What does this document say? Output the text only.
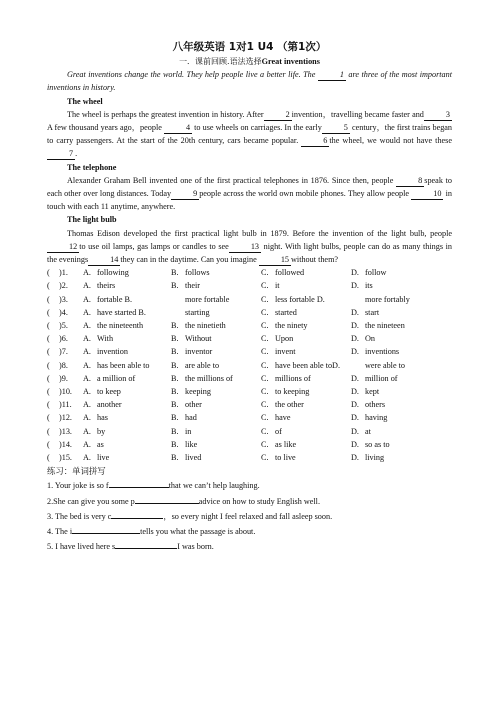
八年级英语 1对1 U4 （第1次）
一．课前回顾.语法选择Great inventions

Great inventions change the world. They help people live a better life. The	1 are three of the most important inventions in history.

The wheel

The wheel is perhaps the greatest invention in history. After	2 invention，travelling became faster and	3A few thousand years ago，people	4 to use wheels on carriages. In the early	5 century，the first trains began to carry passengers. At the start of the 20th century, cars became popular.	6 the wheel, we would not have these7 .

The telephone

Alexander Graham Bell invented one of the first practical telephones in 1876. Since then, people	8 speak to each other over long distances. Today	9 people across the world own mobile phones. They allow people	10 in touch with each 11 anytime, anywhere.

The light bulb

Thomas Edison developed the first practical light bulb in 1879. Before the invention of the light bulb, people12 to use oil lamps, gas lamps or candles to see	13 night. With light bulbs, people can do as many things in the evenings	14 they can in the daytime. Can you imagine	15 without them?

(	)1.	A.	following	B.	follows	C.	followed	D.	follow
(	)2.	A.	theirs	B.	their	C.	it	D.	its
(	)3.	A.	fortable B.		more fortable	C.	less fortable D.		more fortably
(	)4.	A.	have started B.		starting	C.	started	D.	start
(	)5.	A.	the nineteenth	B.	the ninetieth	C.	the ninety	D.	the nineteen
(	)6.	A.	With	B.	Without	C.	Upon	D.	On
(	)7.	A.	invention	B.	inventor	C.	invent	D.	inventions
(	)8.	A.	has been able to	B.	are able to	C.	have been able toD.		were able to
(	)9.	A.	a million of	B.	the millions of	C.	millions of	D.	million of
(	)10.	A.	to keep	B.	keeping	C.	to keeping	D.	kept
(	)11.	A.	another	B.	other	C.	the other	D.	others
(	)12.	A.	has	B.	had	C.	have	D.	having
(	)13.	A.	by	B.	in	C.	of	D.	at
(	)14.	A.	as	B.	like	C.	as like	D.	so as to
(	)15.	A.	live	B.	lived	C.	to live	D.	living
练习：单词拼写

1. Your joke is so f	that we can’t help laughing.

2.She can give you some p	advice on how to study English well.

3. The bed is very c	，so every night I feel relaxed and fall asleep soon.

4. The i	tells you what the passage is about.

5. I have lived here s	I was born.
